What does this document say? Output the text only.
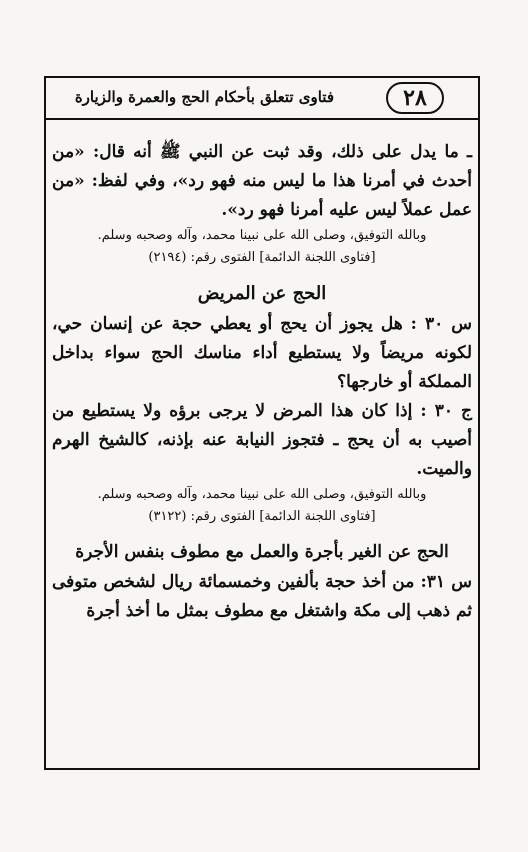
٢٨
فتاوى تتعلق بأحكام الحج والعمرة والزيارة

ـ ما يدل على ذلك، وقد ثبت عن النبي ﷺ أنه قال: «من أحدث في أمرنا هذا ما ليس منه فهو رد»، وفي لفظ: «من عمل عملاً ليس عليه أمرنا فهو رد».

وبالله التوفيق، وصلى الله على نبينا محمد، وآله وصحبه وسلم.

[فتاوى اللجنة الدائمة] الفتوى رقم: (٢١٩٤)

الحج عن المريض

س ٣٠ : هل يجوز أن يحج أو يعطي حجة عن إنسان حي، لكونه مريضاً ولا يستطيع أداء مناسك الحج سواء بداخل المملكة أو خارجها؟

ج ٣٠ : إذا كان هذا المرض لا يرجى برؤه ولا يستطيع من أصيب به أن يحج ـ فتجوز النيابة عنه بإذنه، كالشيخ الهرم والميت.

وبالله التوفيق، وصلى الله على نبينا محمد، وآله وصحبه وسلم.

[فتاوى اللجنة الدائمة] الفتوى رقم: (٣١٢٢)

الحج عن الغير بأجرة والعمل مع مطوف بنفس الأجرة

س ٣١: من أخذ حجة بألفين وخمسمائة ريال لشخص متوفى ثم ذهب إلى مكة واشتغل مع مطوف بمثل ما أخذ أجرة
